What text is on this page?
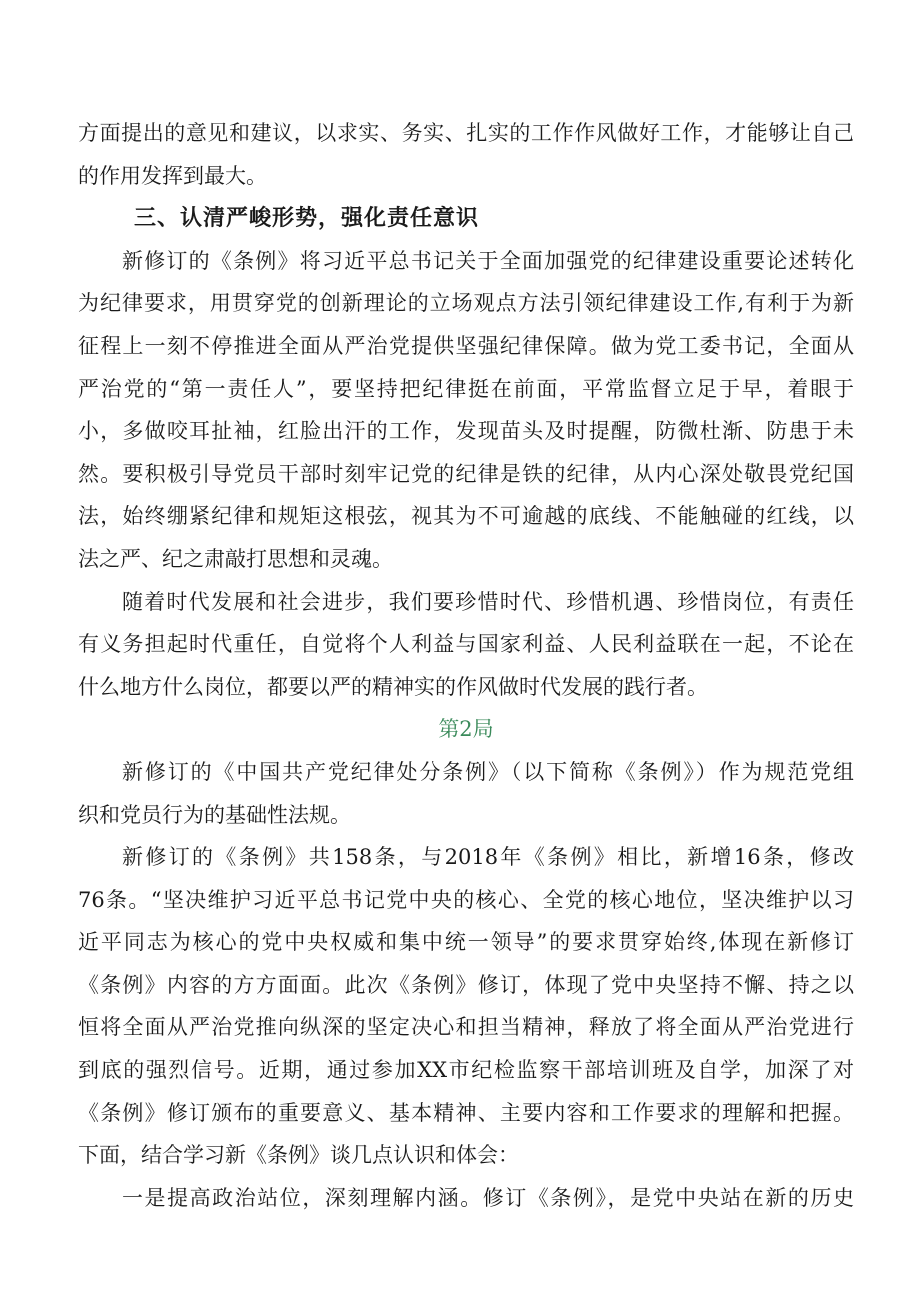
方面提出的意见和建议，以求实、务实、扎实的工作作风做好工作，才能够让自己
的作用发挥到最大。
三、认清严峻形势，强化责任意识
新修订的《条例》将习近平总书记关于全面加强党的纪律建设重要论述转化
为纪律要求，用贯穿党的创新理论的立场观点方法引领纪律建设工作,有利于为新
征程上一刻不停推进全面从严治党提供坚强纪律保障。做为党工委书记，全面从
严治党的“第一责任人”，要坚持把纪律挺在前面，平常监督立足于早，着眼于
小，多做咬耳扯袖，红脸出汗的工作，发现苗头及时提醒，防微杜渐、防患于未
然。要积极引导党员干部时刻牢记党的纪律是铁的纪律，从内心深处敬畏党纪国
法，始终绷紧纪律和规矩这根弦，视其为不可逾越的底线、不能触碰的红线，以
法之严、纪之肃敲打思想和灵魂。
随着时代发展和社会进步，我们要珍惜时代、珍惜机遇、珍惜岗位，有责任
有义务担起时代重任，自觉将个人利益与国家利益、人民利益联在一起，不论在
什么地方什么岗位，都要以严的精神实的作风做时代发展的践行者。
第2局
新修订的《中国共产党纪律处分条例》（以下简称《条例》）作为规范党组
织和党员行为的基础性法规。
新修订的《条例》共158条，与2018年《条例》相比，新增16条，修改
76条。“坚决维护习近平总书记党中央的核心、全党的核心地位，坚决维护以习
近平同志为核心的党中央权威和集中统一领导”的要求贯穿始终,体现在新修订
《条例》内容的方方面面。此次《条例》修订，体现了党中央坚持不懈、持之以
恒将全面从严治党推向纵深的坚定决心和担当精神，释放了将全面从严治党进行
到底的强烈信号。近期，通过参加XX市纪检监察干部培训班及自学，加深了对
《条例》修订颁布的重要意义、基本精神、主要内容和工作要求的理解和把握。
下面，结合学习新《条例》谈几点认识和体会：
一是提高政治站位，深刻理解内涵。修订《条例》，是党中央站在新的历史
